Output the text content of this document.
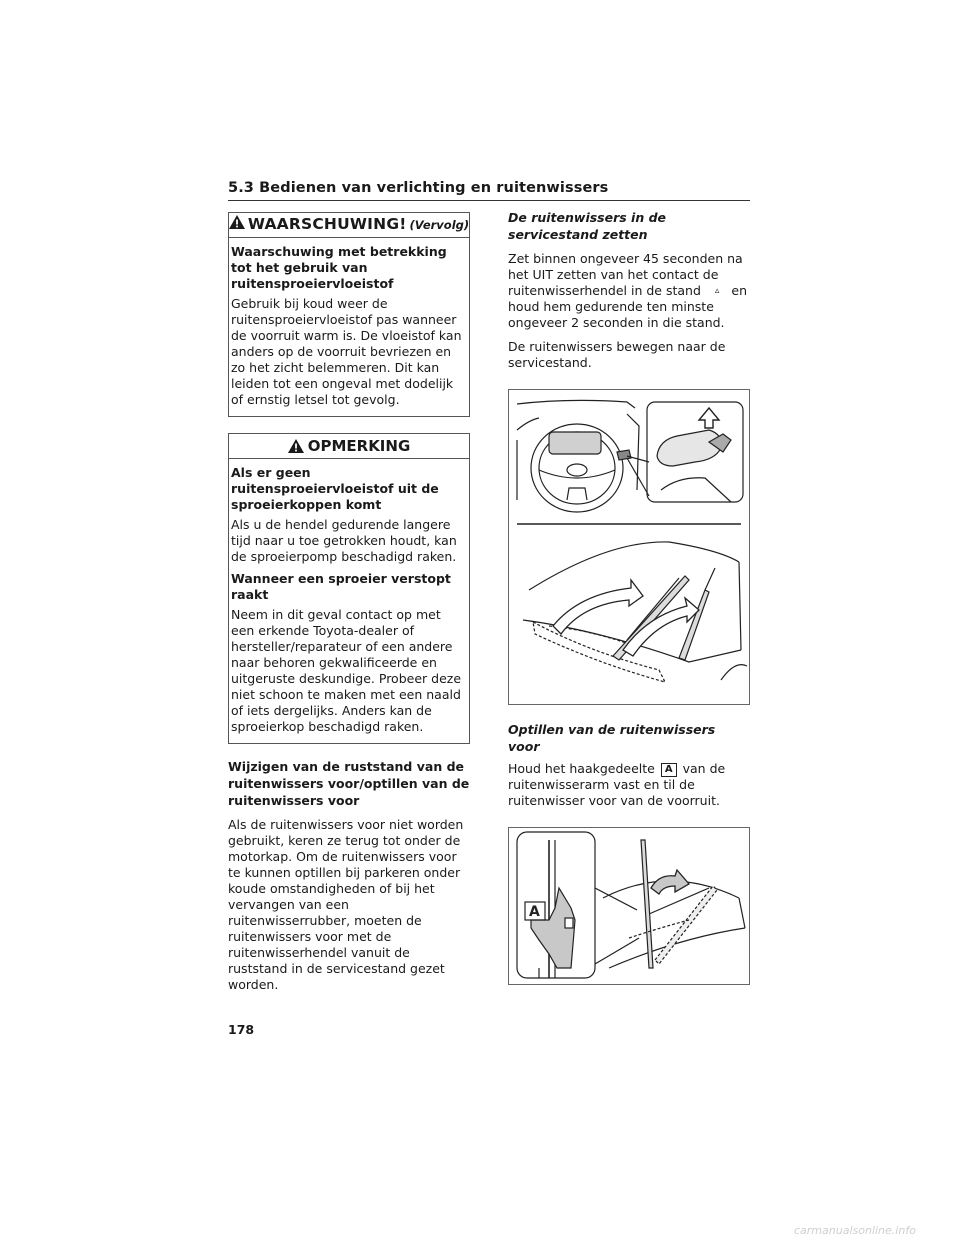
5.3 Bedienen van verlichting en ruitenwissers
WAARSCHUWING! (Vervolg)
Waarschuwing met betrekking tot het gebruik van ruitensproeiervloeistof
Gebruik bij koud weer de ruitensproeiervloeistof pas wanneer de voorruit warm is. De vloeistof kan anders op de voorruit bevriezen en zo het zicht belemmeren. Dit kan leiden tot een ongeval met dodelijk of ernstig letsel tot gevolg.
OPMERKING
Als er geen ruitensproeiervloeistof uit de sproeierkoppen komt
Als u de hendel gedurende langere tijd naar u toe getrokken houdt, kan de sproeierpomp beschadigd raken.
Wanneer een sproeier verstopt raakt
Neem in dit geval contact op met een erkende Toyota-dealer of hersteller/reparateur of een andere naar behoren gekwalificeerde en uitgeruste deskundige. Probeer deze niet schoon te maken met een naald of iets dergelijks. Anders kan de sproeierkop beschadigd raken.
Wijzigen van de ruststand van de ruitenwissers voor/optillen van de ruitenwissers voor
Als de ruitenwissers voor niet worden gebruikt, keren ze terug tot onder de motorkap. Om de ruitenwissers voor te kunnen optillen bij parkeren onder koude omstandigheden of bij het vervangen van een ruitenwisserrubber, moeten de ruitenwissers voor met de ruitenwisserhendel vanuit de ruststand in de servicestand gezet worden.
De ruitenwissers in de servicestand zetten
Zet binnen ongeveer 45 seconden na het UIT zetten van het contact de ruitenwisserhendel in de stand ▵ en houd hem gedurende ten minste ongeveer 2 seconden in die stand.
De ruitenwissers bewegen naar de servicestand.
Optillen van de ruitenwissers voor
Houd het haakgedeelte A van de ruitenwisserarm vast en til de ruitenwisser voor van de voorruit.
A
178
carmanualsonline.info
